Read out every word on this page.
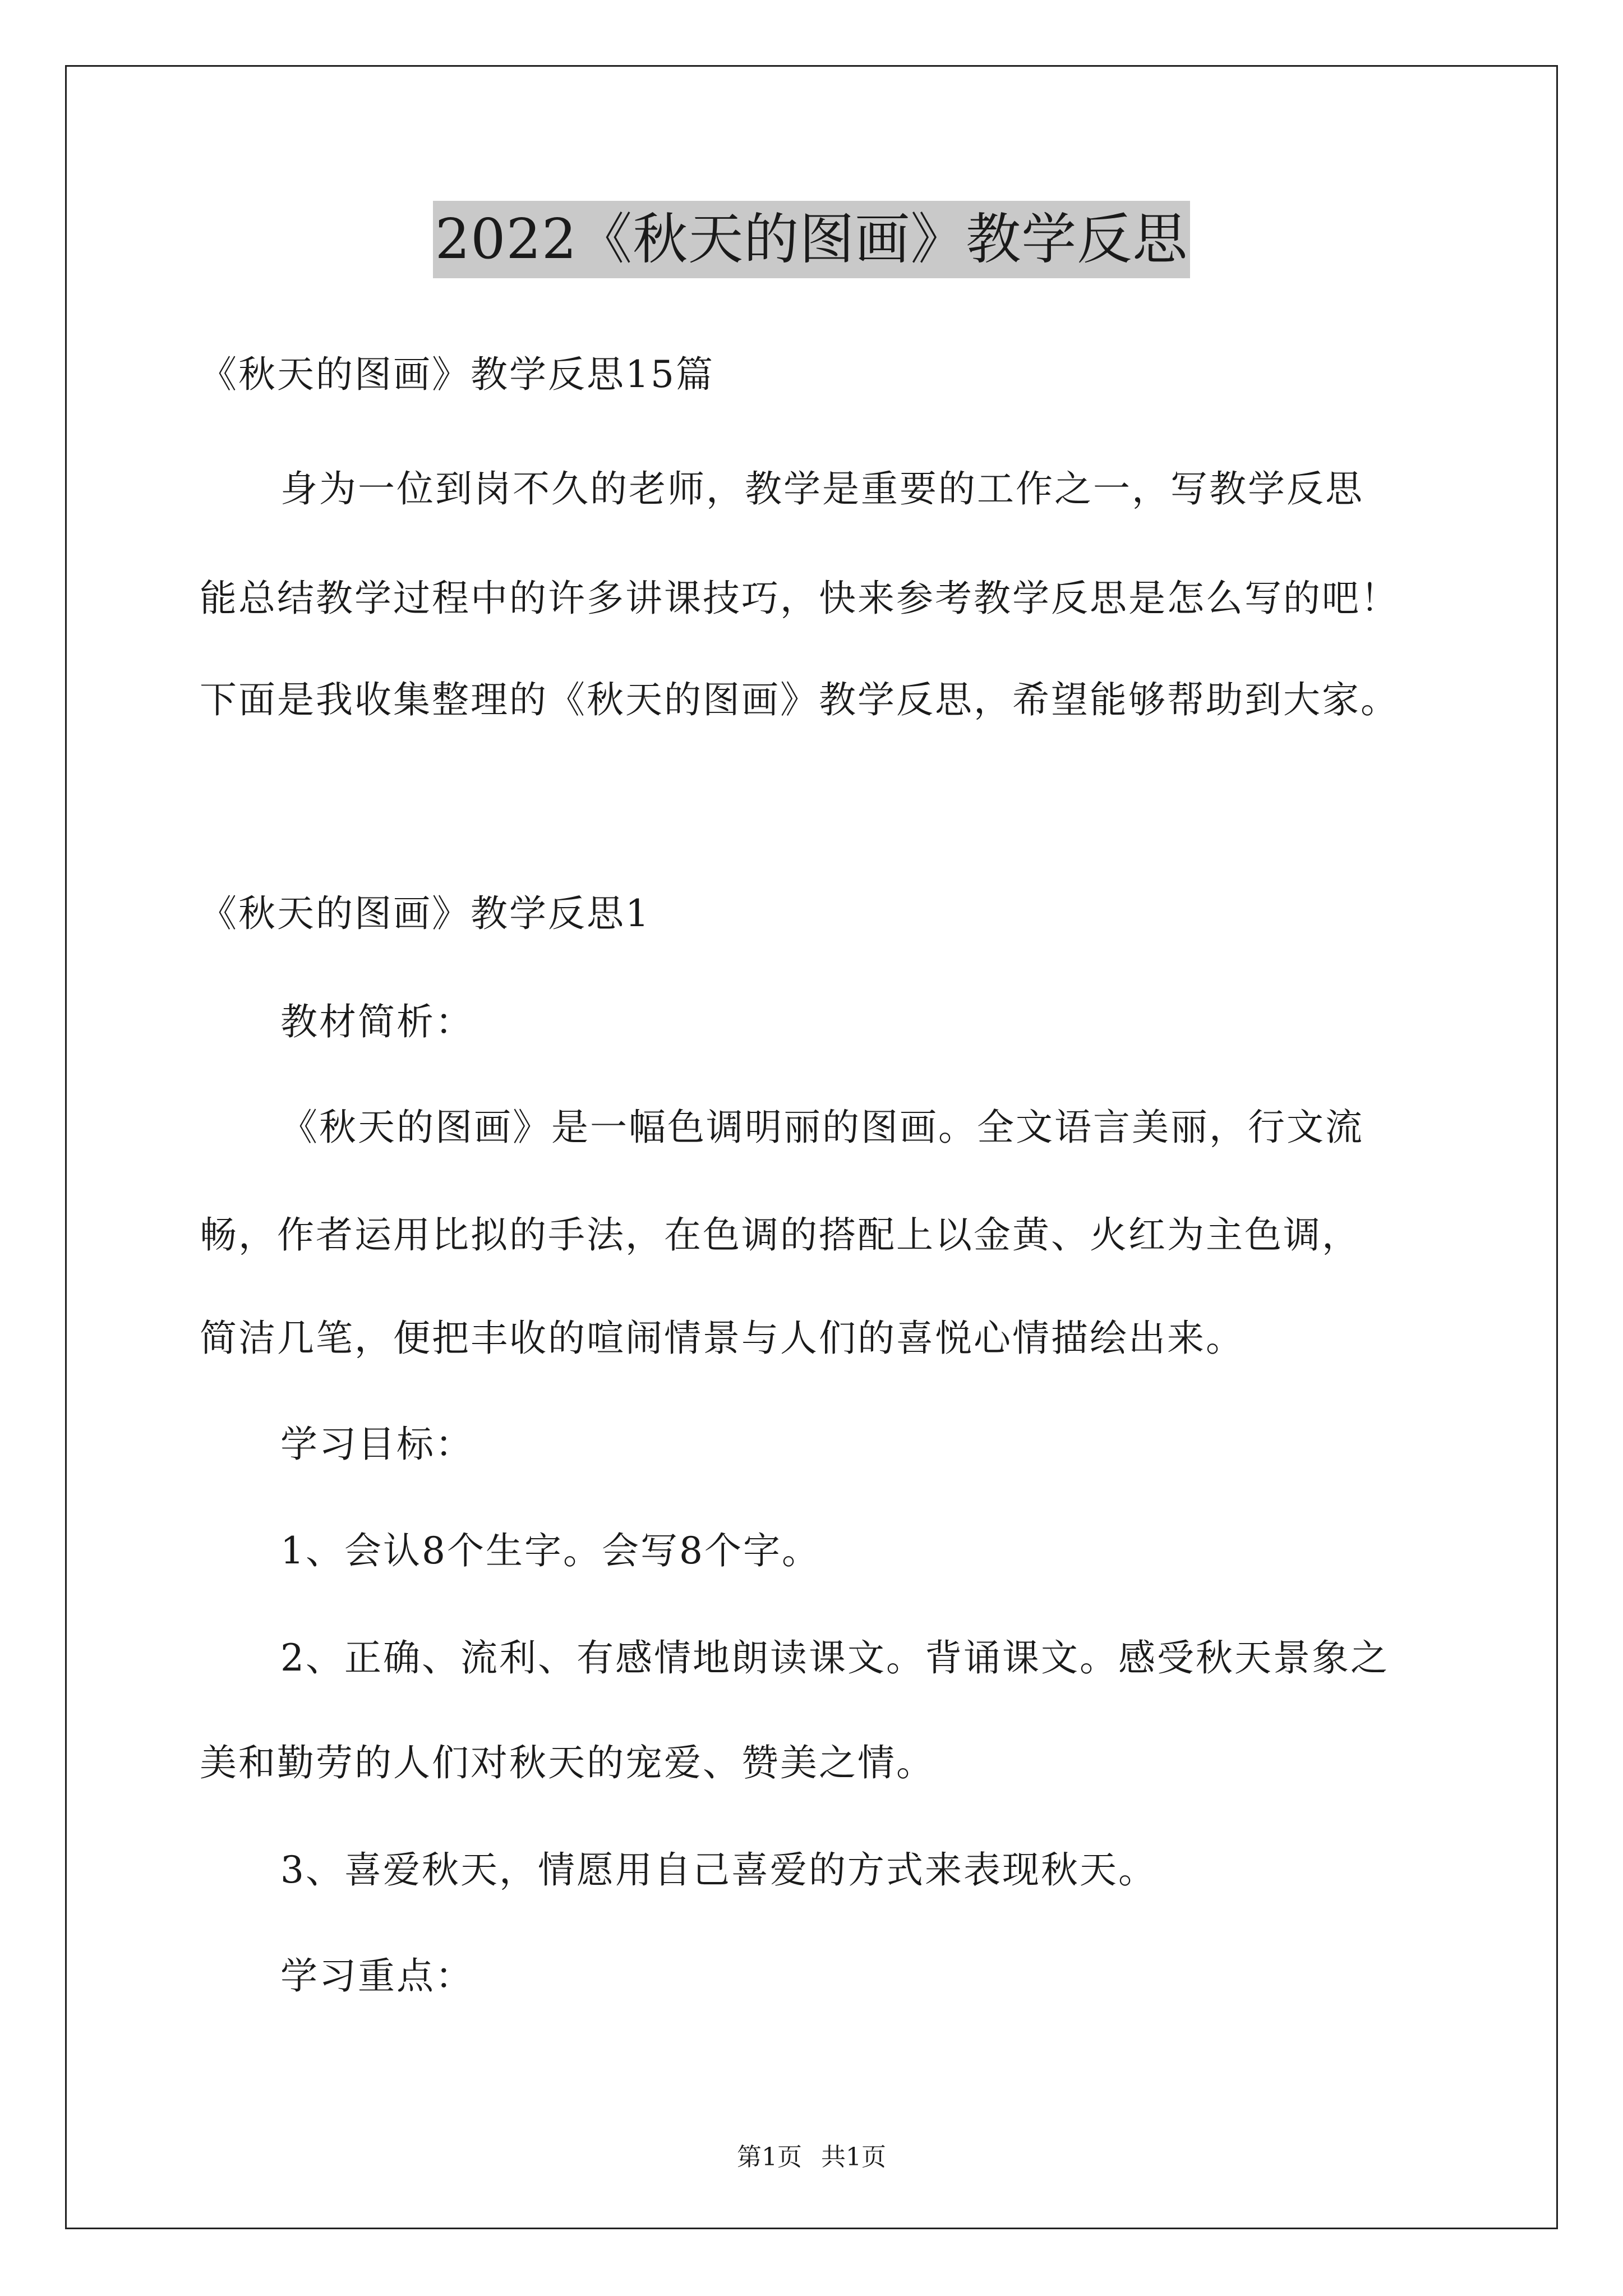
2022《秋天的图画》教学反思
《秋天的图画》教学反思15篇
身为一位到岗不久的老师，教学是重要的工作之一，写教学反思
能总结教学过程中的许多讲课技巧，快来参考教学反思是怎么写的吧！
下面是我收集整理的《秋天的图画》教学反思，希望能够帮助到大家。
《秋天的图画》教学反思1
教材简析：
《秋天的图画》是一幅色调明丽的图画。全文语言美丽，行文流
畅，作者运用比拟的手法，在色调的搭配上以金黄、火红为主色调，
简洁几笔，便把丰收的喧闹情景与人们的喜悦心情描绘出来。
学习目标：
1、会认8个生字。会写8个字。
2、正确、流利、有感情地朗读课文。背诵课文。感受秋天景象之
美和勤劳的人们对秋天的宠爱、赞美之情。
3、喜爱秋天，情愿用自己喜爱的方式来表现秋天。
学习重点：
第1页 共1页
